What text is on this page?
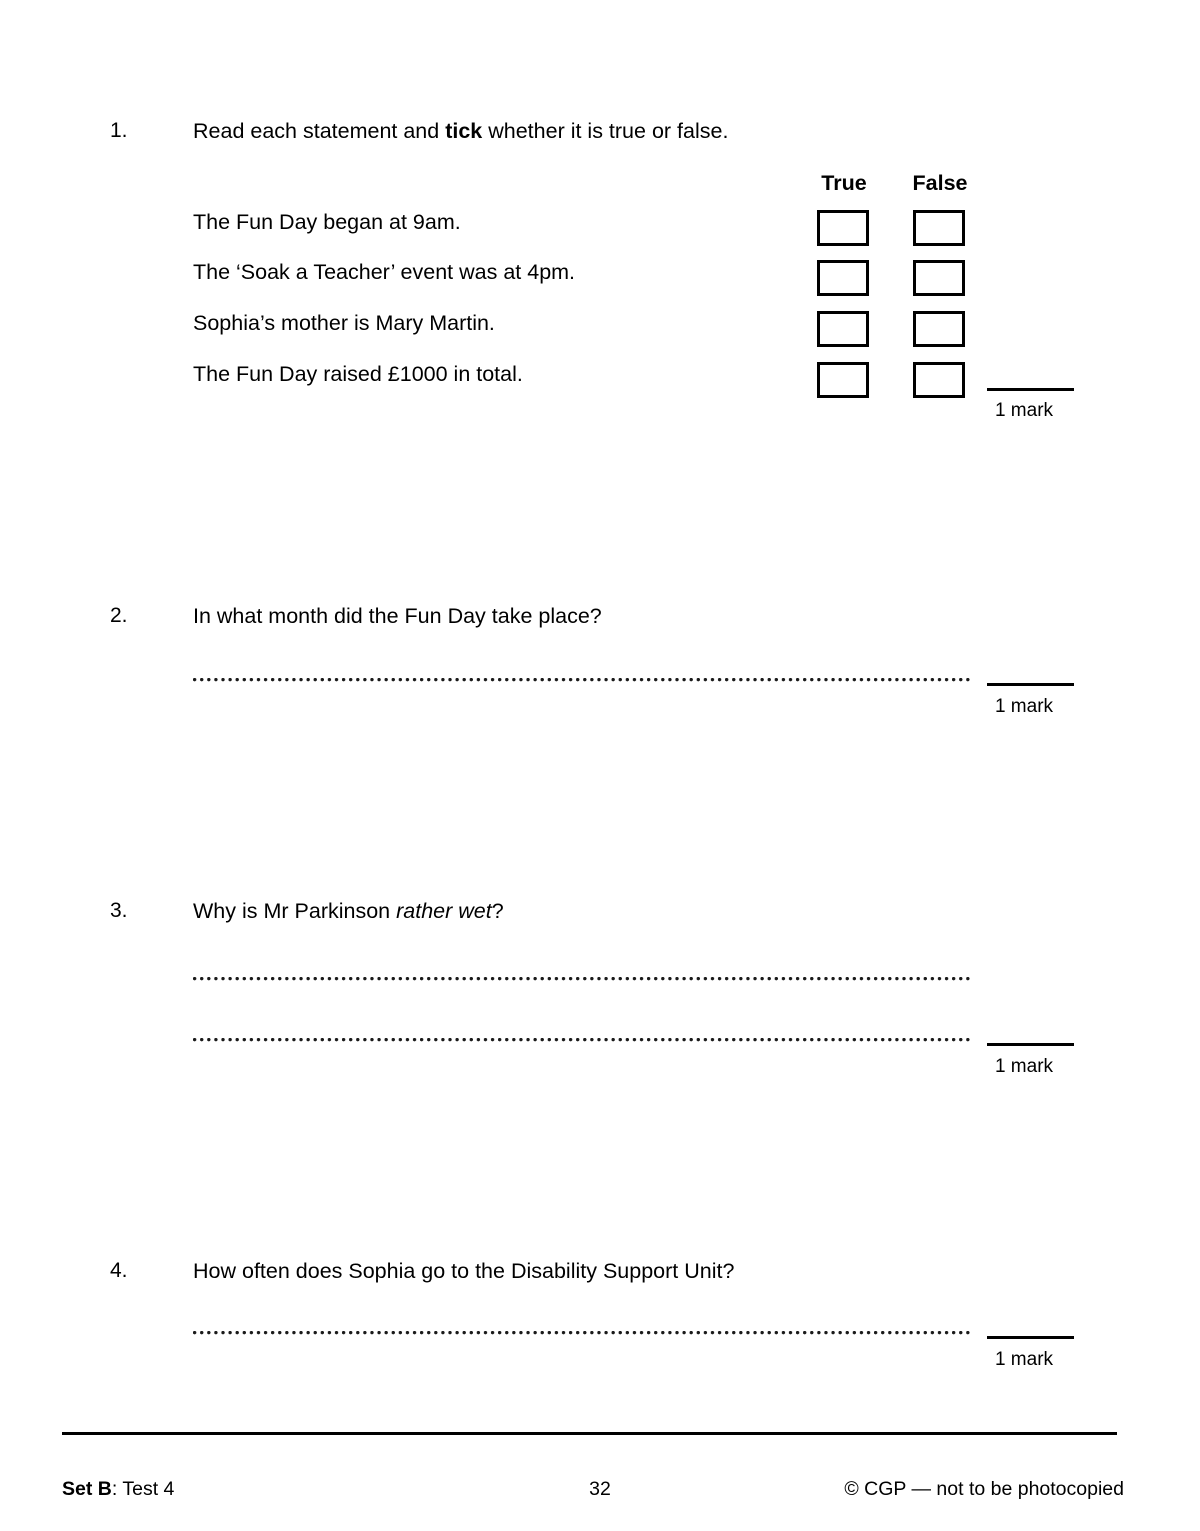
1.	Read each statement and tick whether it is true or false.
True	False
The Fun Day began at 9am.
The ‘Soak a Teacher’ event was at 4pm.
Sophia’s mother is Mary Martin.
The Fun Day raised £1000 in total.
1 mark
2.	In what month did the Fun Day take place?
1 mark
3.	Why is Mr Parkinson rather wet?
1 mark
4.	How often does Sophia go to the Disability Support Unit?
1 mark
Set B: Test 4	32	© CGP — not to be photocopied
